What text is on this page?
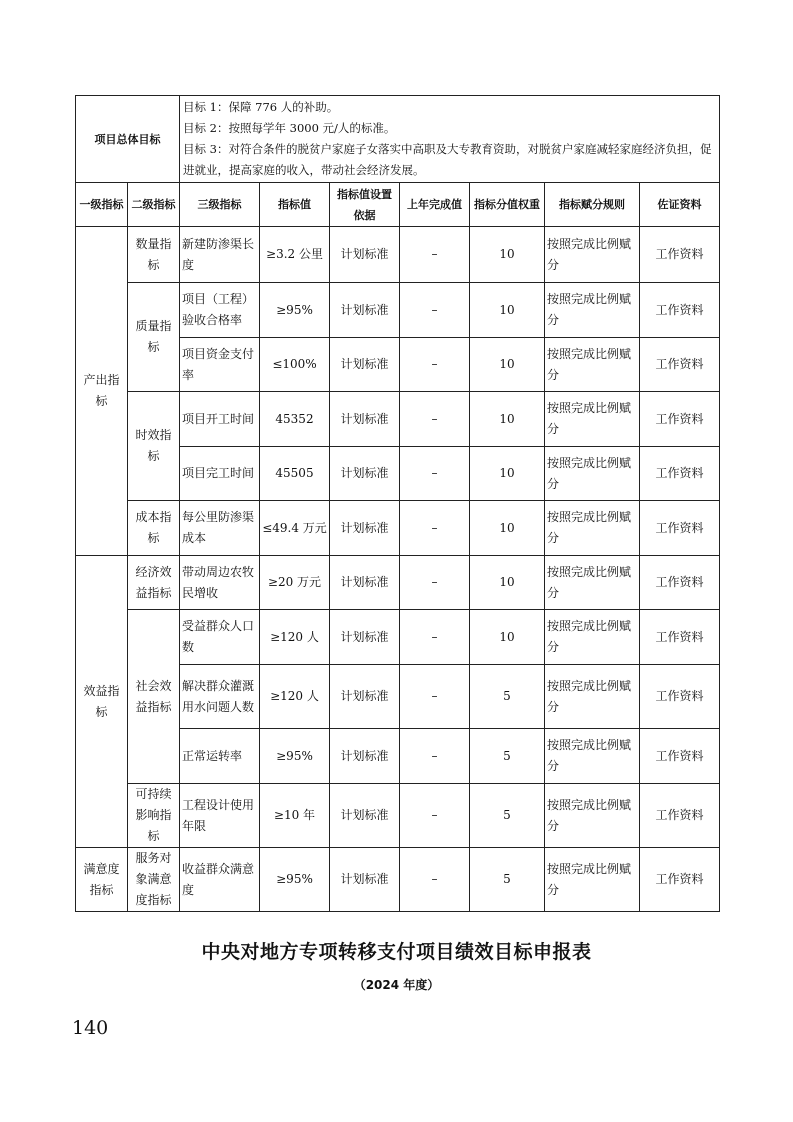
项目总体目标		目标 1：保障 776 人的补助。
目标 2：按照每学年 3000 元/人的标准。
目标 3：对符合条件的脱贫户家庭子女落实中高职及大专教育资助，对脱贫户家庭减轻家庭经济负担，促进就业，提高家庭的收入，带动社会经济发展。						

一级指标	二级指标	三级指标	指标值	指标值设置依据	上年完成值	指标分值权重	指标赋分规则	佐证资料
产出指标	数量指标	新建防渗渠长度	≥3.2 公里	计划标准	–	10	按照完成比例赋分	工作资料
	质量指标	项目（工程）验收合格率	≥95%	计划标准	–	10	按照完成比例赋分	工作资料
		项目资金支付率	≤100%	计划标准	–	10	按照完成比例赋分	工作资料
	时效指标	项目开工时间	45352	计划标准	–	10	按照完成比例赋分	工作资料
		项目完工时间	45505	计划标准	–	10	按照完成比例赋分	工作资料
	成本指标	每公里防渗渠成本	≤49.4 万元	计划标准	–	10	按照完成比例赋分	工作资料
效益指标	经济效益指标	带动周边农牧民增收	≥20 万元	计划标准	–	10	按照完成比例赋分	工作资料
	社会效益指标	受益群众人口数	≥120 人	计划标准	–	10	按照完成比例赋分	工作资料
		解决群众灌溉用水问题人数	≥120 人	计划标准	–	5	按照完成比例赋分	工作资料
		正常运转率	≥95%	计划标准	–	5	按照完成比例赋分	工作资料
	可持续影响指标	工程设计使用年限	≥10 年	计划标准	–	5	按照完成比例赋分	工作资料
满意度指标	服务对象满意度指标	收益群众满意度	≥95%	计划标准	–	5	按照完成比例赋分	工作资料
中央对地方专项转移支付项目绩效目标申报表
（2024 年度）
140
